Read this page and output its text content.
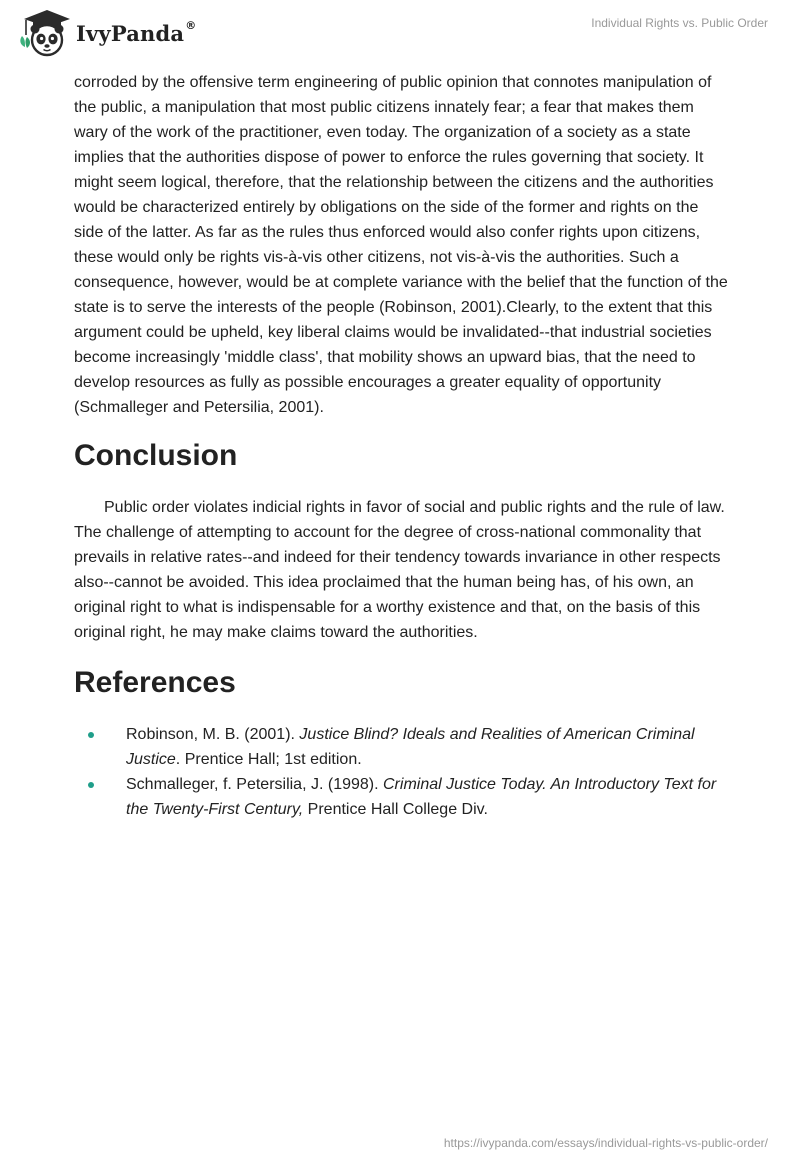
IvyPanda®	Individual Rights vs. Public Order

corroded by the offensive term engineering of public opinion that connotes manipulation of the public, a manipulation that most public citizens innately fear; a fear that makes them wary of the work of the practitioner, even today. The organization of a society as a state implies that the authorities dispose of power to enforce the rules governing that society. It might seem logical, therefore, that the relationship between the citizens and the authorities would be characterized entirely by obligations on the side of the former and rights on the side of the latter. As far as the rules thus enforced would also confer rights upon citizens, these would only be rights vis-à-vis other citizens, not vis-à-vis the authorities. Such a consequence, however, would be at complete variance with the belief that the function of the state is to serve the interests of the people (Robinson, 2001).Clearly, to the extent that this argument could be upheld, key liberal claims would be invalidated--that industrial societies become increasingly 'middle class', that mobility shows an upward bias, that the need to develop resources as fully as possible encourages a greater equality of opportunity (Schmalleger and Petersilia, 2001).

Conclusion

Public order violates indicial rights in favor of social and public rights and the rule of law. The challenge of attempting to account for the degree of cross-national commonality that prevails in relative rates--and indeed for their tendency towards invariance in other respects also--cannot be avoided. This idea proclaimed that the human being has, of his own, an original right to what is indispensable for a worthy existence and that, on the basis of this original right, he may make claims toward the authorities.

References
Robinson, M. B. (2001). Justice Blind? Ideals and Realities of American Criminal Justice. Prentice Hall; 1st edition.
Schmalleger, f. Petersilia, J. (1998). Criminal Justice Today. An Introductory Text for the Twenty-First Century, Prentice Hall College Div.
https://ivypanda.com/essays/individual-rights-vs-public-order/
